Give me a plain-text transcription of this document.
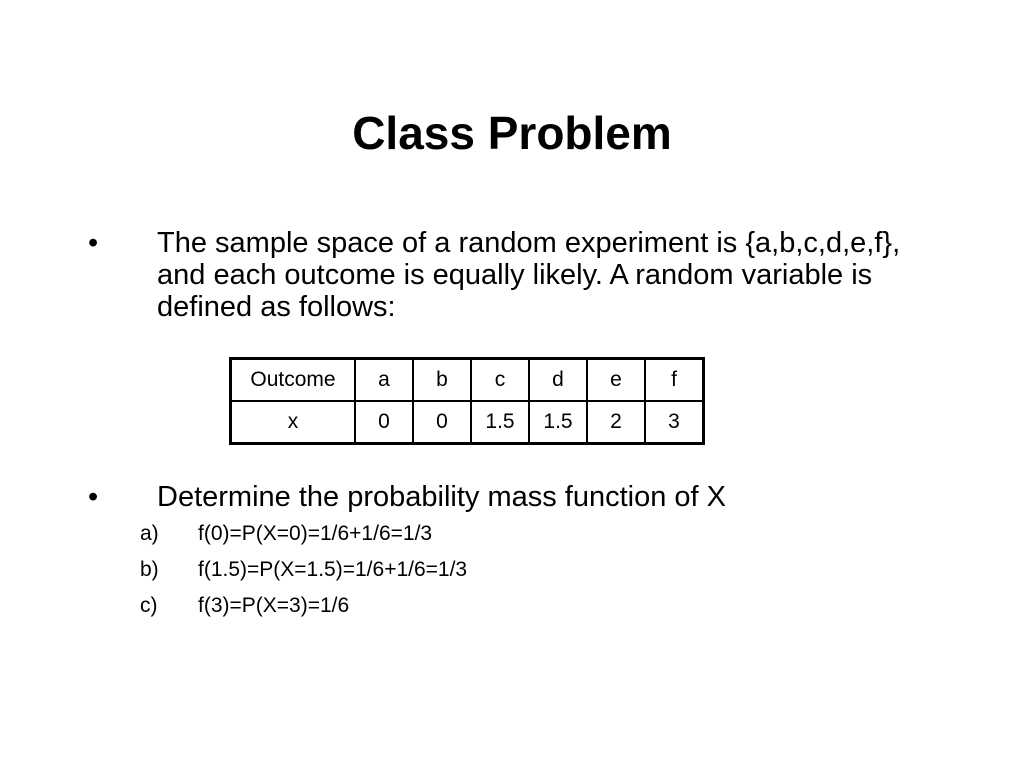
Class Problem
• The sample space of a random experiment is {a,b,c,d,e,f}, and each outcome is equally likely. A random variable is defined as follows:
Outcome	a	b	c	d	e	f
x	0	0	1.5	1.5	2	3
• Determine the probability mass function of X
a) f(0)=P(X=0)=1/6+1/6=1/3
b) f(1.5)=P(X=1.5)=1/6+1/6=1/3
c) f(3)=P(X=3)=1/6
